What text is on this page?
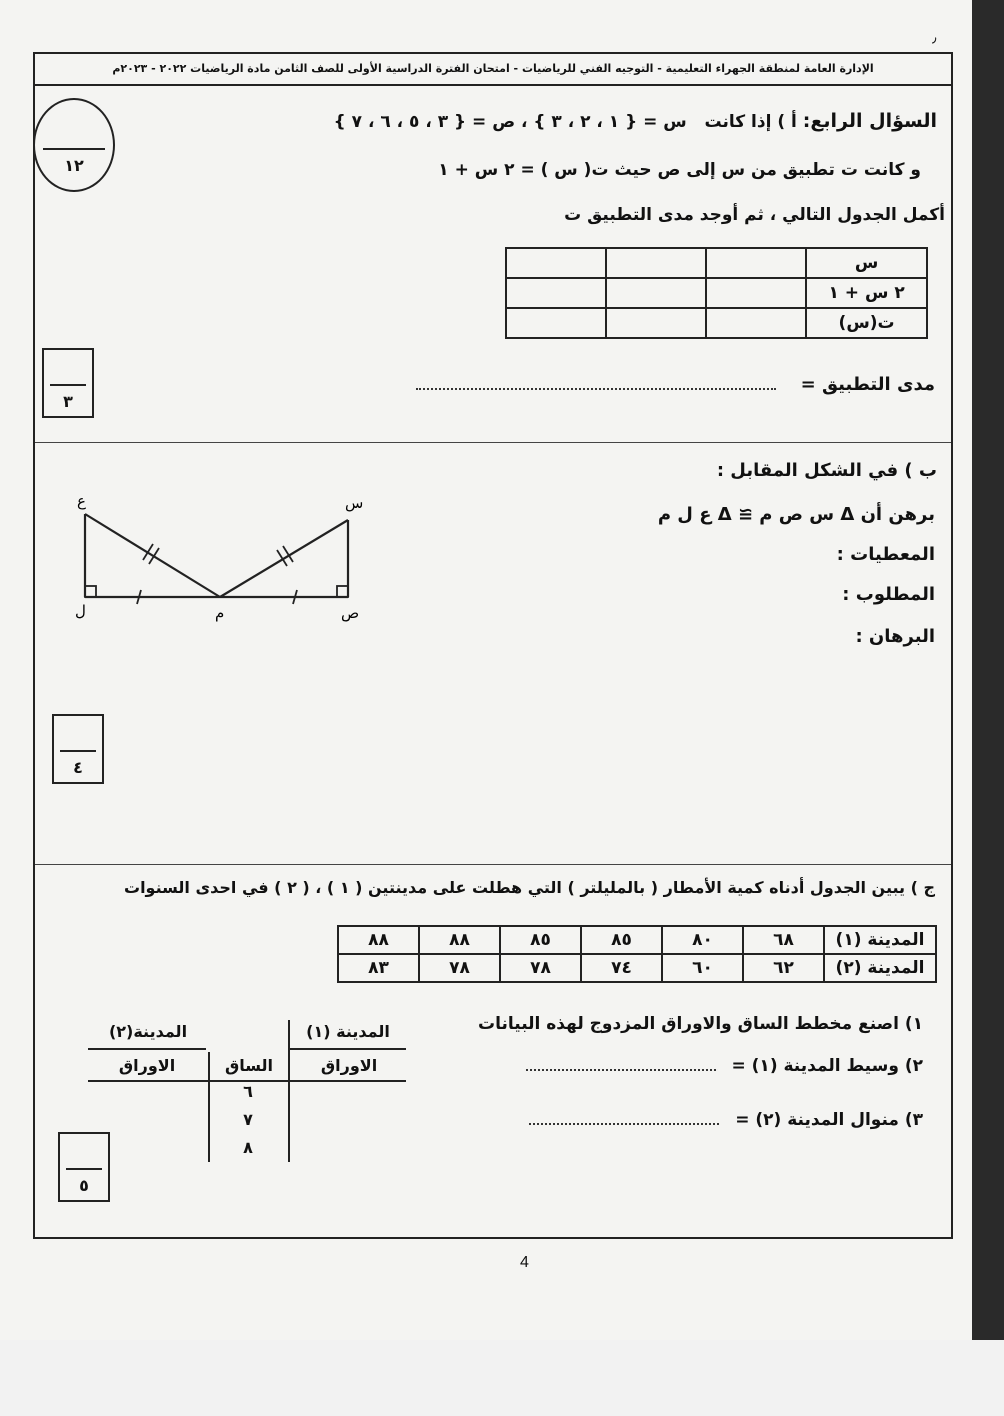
٫
الإدارة العامة لمنطقة الجهراء التعليمية - التوجيه الفني للرياضيات - امتحان الفترة الدراسية الأولى للصف الثامن مادة الرياضيات ٢٠٢٢ - ٢٠٢٣م
١٢
السؤال الرابع: أ ) إذا كانت   س = { ١ ، ٢ ، ٣ } ، ص = { ٣ ، ٥ ، ٦ ، ٧ }
و كانت ت تطبيق من س إلى ص حيث ت( س ) = ٢ س + ١
أكمل الجدول التالي ، ثم أوجد مدى التطبيق ت
			س
			٢ س + ١
			ت(س)
مدى التطبيق =
٣
ب ) في الشكل المقابل :
برهن أن Δ س ص م ≅ Δ ع ل م
المعطيات :
المطلوب :
البرهان :
ع	س
ل	ص
م
٤
ج ) يبين الجدول أدناه كمية الأمطار ( بالمليلتر ) التي هطلت على مدينتين ( ١ ) ، ( ٢ ) في احدى السنوات
٨٨	٨٨	٨٥	٨٥	٨٠	٦٨	المدينة (١)
٨٣	٧٨	٧٨	٧٤	٦٠	٦٢	المدينة (٢)
١) اصنع مخطط الساق والاوراق المزدوج لهذه البيانات
٢) وسيط المدينة (١) =
٣) منوال المدينة (٢) =
٥
4
المدينة(٢)	المدينة (١)
الاوراق	الساق	الاوراق
٦
٧
٨
